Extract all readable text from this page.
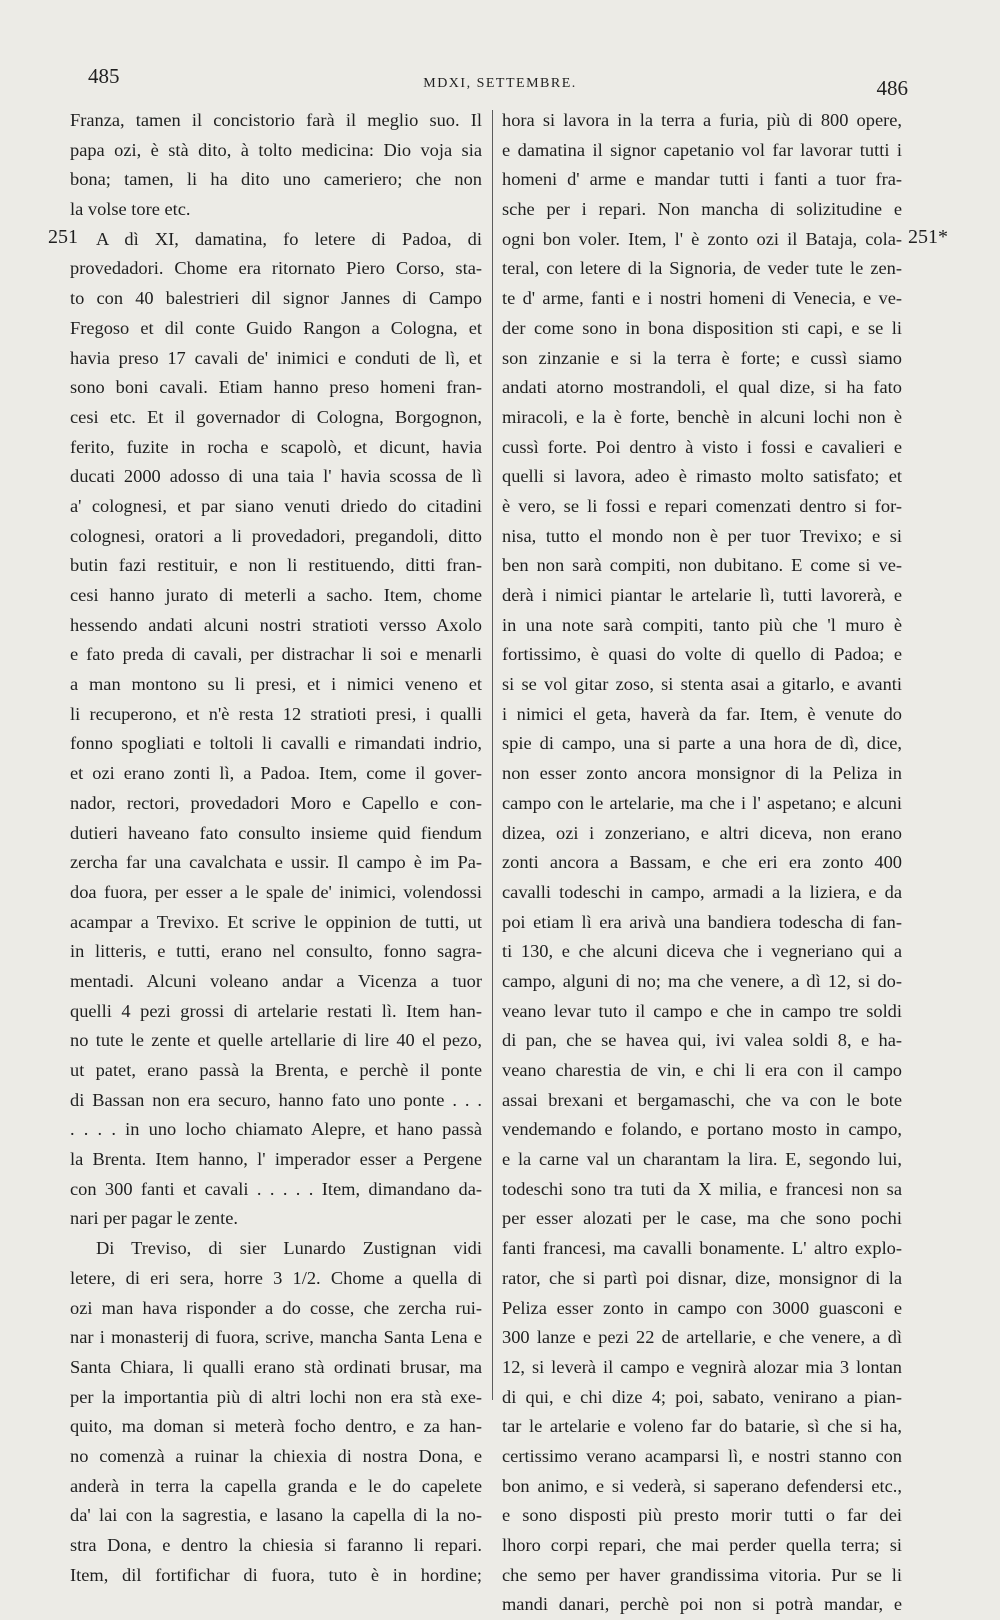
485	MDXI, SETTEMBRE.	486
251	251*
Franza, tamen il concistorio farà il meglio suo. Il
papa ozi, è stà dito, à tolto medicina: Dio voja sia
bona; tamen, li ha dito uno cameriero; che non
la volse tore etc.
A dì XI, damatina, fo letere di Padoa, di
provedadori. Chome era ritornato Piero Corso, sta-
to con 40 balestrieri dil signor Jannes di Campo
Fregoso et dil conte Guido Rangon a Cologna, et
havia preso 17 cavali de' inimici e conduti de lì, et
sono boni cavali. Etiam hanno preso homeni fran-
cesi etc. Et il governador di Cologna, Borgognon,
ferito, fuzite in rocha e scapolò, et dicunt, havia
ducati 2000 adosso di una taia l' havia scossa de lì
a' colognesi, et par siano venuti driedo do citadini
colognesi, oratori a li provedadori, pregandoli, ditto
butin fazi restituir, e non li restituendo, ditti fran-
cesi hanno jurato di meterli a sacho. Item, chome
hessendo andati alcuni nostri stratioti versso Axolo
e fato preda di cavali, per distrachar li soi e menarli
a man montono su li presi, et i nimici veneno et
li recuperono, et n'è resta 12 stratioti presi, i qualli
fonno spogliati e toltoli li cavalli e rimandati indrio,
et ozi erano zonti lì, a Padoa. Item, come il gover-
nador, rectori, provedadori Moro e Capello e con-
dutieri haveano fato consulto insieme quid fiendum
zercha far una cavalchata e ussir. Il campo è im Pa-
doa fuora, per esser a le spale de' inimici, volendossi
acampar a Trevixo. Et scrive le oppinion de tutti, ut
in litteris, e tutti, erano nel consulto, fonno sagra-
mentadi. Alcuni voleano andar a Vicenza a tuor
quelli 4 pezi grossi di artelarie restati lì. Item han-
no tute le zente et quelle artellarie di lire 40 el pezo,
ut patet, erano passà la Brenta, e perchè il ponte
di Bassan non era securo, hanno fato uno ponte . . .
. . . . in uno locho chiamato Alepre, et hano passà
la Brenta. Item hanno, l' imperador esser a Pergene
con 300 fanti et cavali . . . . . Item, dimandano da-
nari per pagar le zente.
Di Treviso, di sier Lunardo Zustignan vidi
letere, di eri sera, horre 3 1/2. Chome a quella di
ozi man hava risponder a do cosse, che zercha rui-
nar i monasterij di fuora, scrive, mancha Santa Lena e
Santa Chiara, li qualli erano stà ordinati brusar, ma
per la importantia più di altri lochi non era stà exe-
quito, ma doman si meterà focho dentro, e za han-
no comenzà a ruinar la chiexia di nostra Dona, e
anderà in terra la capella granda e le do capelete
da' lai con la sagrestia, e lasano la capella di la no-
stra Dona, e dentro la chiesia si faranno li repari.
Item, dil fortifichar di fuora, tuto è in hordine;
hora si lavora in la terra a furia, più di 800 opere,
e damatina il signor capetanio vol far lavorar tutti i
homeni d' arme e mandar tutti i fanti a tuor fra-
sche per i repari. Non mancha di solizitudine e
ogni bon voler. Item, l' è zonto ozi il Bataja, cola-
teral, con letere di la Signoria, de veder tute le zen-
te d' arme, fanti e i nostri homeni di Venecia, e ve-
der come sono in bona disposition sti capi, e se li
son zinzanie e si la terra è forte; e cussì siamo
andati atorno mostrandoli, el qual dize, si ha fato
miracoli, e la è forte, benchè in alcuni lochi non è
cussì forte. Poi dentro à visto i fossi e cavalieri e
quelli si lavora, adeo è rimasto molto satisfato; et
è vero, se li fossi e repari comenzati dentro si for-
nisa, tutto el mondo non è per tuor Trevixo; e si
ben non sarà compiti, non dubitano. E come si ve-
derà i nimici piantar le artelarie lì, tutti lavorerà, e
in una note sarà compiti, tanto più che 'l muro è
fortissimo, è quasi do volte di quello di Padoa; e
si se vol gitar zoso, si stenta asai a gitarlo, e avanti
i nimici el geta, haverà da far. Item, è venute do
spie di campo, una si parte a una hora de dì, dice,
non esser zonto ancora monsignor di la Peliza in
campo con le artelarie, ma che i l' aspetano; e alcuni
dizea, ozi i zonzeriano, e altri diceva, non erano
zonti ancora a Bassam, e che eri era zonto 400
cavalli todeschi in campo, armadi a la liziera, e da
poi etiam lì era arivà una bandiera todescha di fan-
ti 130, e che alcuni diceva che i vegneriano qui a
campo, alguni di no; ma che venere, a dì 12, si do-
veano levar tuto il campo e che in campo tre soldi
di pan, che se havea qui, ivi valea soldi 8, e ha-
veano charestia de vin, e chi li era con il campo
assai brexani et bergamaschi, che va con le bote
vendemando e folando, e portano mosto in campo,
e la carne val un charantam la lira. E, segondo lui,
todeschi sono tra tuti da X milia, e francesi non sa
per esser alozati per le case, ma che sono pochi
fanti francesi, ma cavalli bonamente. L' altro explo-
rator, che si partì poi disnar, dize, monsignor di la
Peliza esser zonto in campo con 3000 guasconi e
300 lanze e pezi 22 de artellarie, e che venere, a dì
12, si leverà il campo e vegnirà alozar mia 3 lontan
di qui, e chi dize 4; poi, sabato, venirano a pian-
tar le artelarie e voleno far do batarie, sì che si ha,
certissimo verano acamparsi lì, e nostri stanno con
bon animo, e si vederà, si saperano defendersi etc.,
e sono disposti più presto morir tutti o far dei
lhoro corpi repari, che mai perder quella terra; si
che semo per haver grandissima vitoria. Pur se li
mandi danari, perchè poi non si potrà mandar, e
